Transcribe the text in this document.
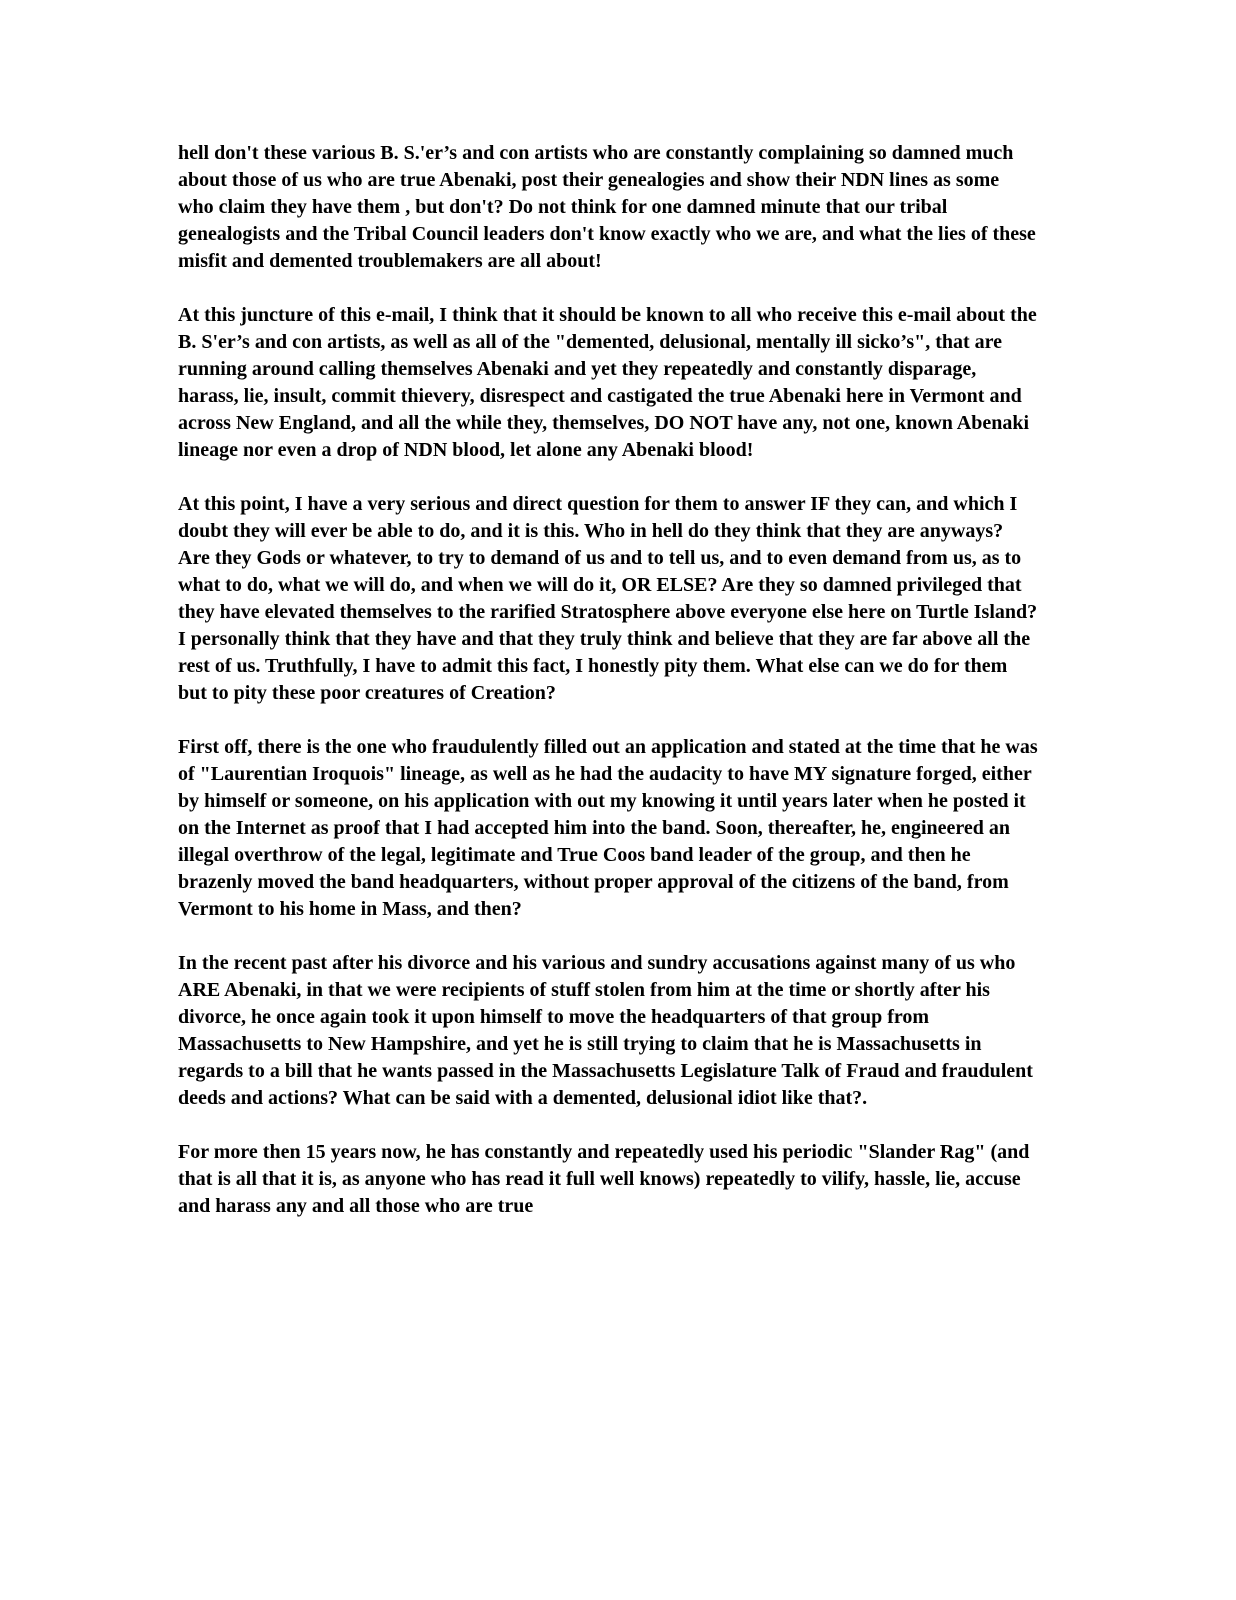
hell don't these various B. S.'er’s and con artists who are constantly complaining so damned much about those of us who are true Abenaki, post their genealogies and show their NDN lines as some who claim they have them , but don't? Do not think for one damned minute that our tribal genealogists and the Tribal Council leaders don't know exactly who we are, and what the lies of these misfit and demented troublemakers are all about!

At this juncture of this e-mail, I think that it should be known to all who receive this e-mail about the B. S'er’s and con artists, as well as all of the "demented, delusional, mentally ill sicko’s", that are running around calling themselves Abenaki and yet they repeatedly and constantly disparage, harass, lie, insult, commit thievery, disrespect and castigated the true Abenaki here in Vermont and across New England, and all the while they, themselves, DO NOT have any, not one, known Abenaki lineage nor even a drop of NDN blood, let alone any Abenaki blood!

At this point, I have a very serious and direct question for them to answer IF they can, and which I doubt they will ever be able to do, and it is this. Who in hell do they think that they are anyways? Are they Gods or whatever, to try to demand of us and to tell us, and to even demand from us, as to what to do, what we will do, and when we will do it, OR ELSE? Are they so damned privileged that they have elevated themselves to the rarified Stratosphere above everyone else here on Turtle Island? I personally think that they have and that they truly think and believe that they are far above all the rest of us. Truthfully, I have to admit this fact, I honestly pity them. What else can we do for them but to pity these poor creatures of Creation?

First off, there is the one who fraudulently filled out an application and stated at the time that he was of "Laurentian Iroquois" lineage, as well as he had the audacity to have MY signature forged, either by himself or someone, on his application with out my knowing it until years later when he posted it on the Internet as proof that I had accepted him into the band. Soon, thereafter, he, engineered an illegal overthrow of the legal, legitimate and True Coos band leader of the group, and then he brazenly moved the band headquarters, without proper approval of the citizens of the band, from Vermont to his home in Mass, and then?

In the recent past after his divorce and his various and sundry accusations against many of us who ARE Abenaki, in that we were recipients of stuff stolen from him at the time or shortly after his divorce, he once again took it upon himself to move the headquarters of that group from Massachusetts to New Hampshire, and yet he is still trying to claim that he is Massachusetts in regards to a bill that he wants passed in the Massachusetts Legislature Talk of Fraud and fraudulent deeds and actions? What can be said with a demented, delusional idiot like that?.

For more then 15 years now, he has constantly and repeatedly used his periodic "Slander Rag" (and that is all that it is, as anyone who has read it full well knows) repeatedly to vilify, hassle, lie, accuse and harass any and all those who are true
